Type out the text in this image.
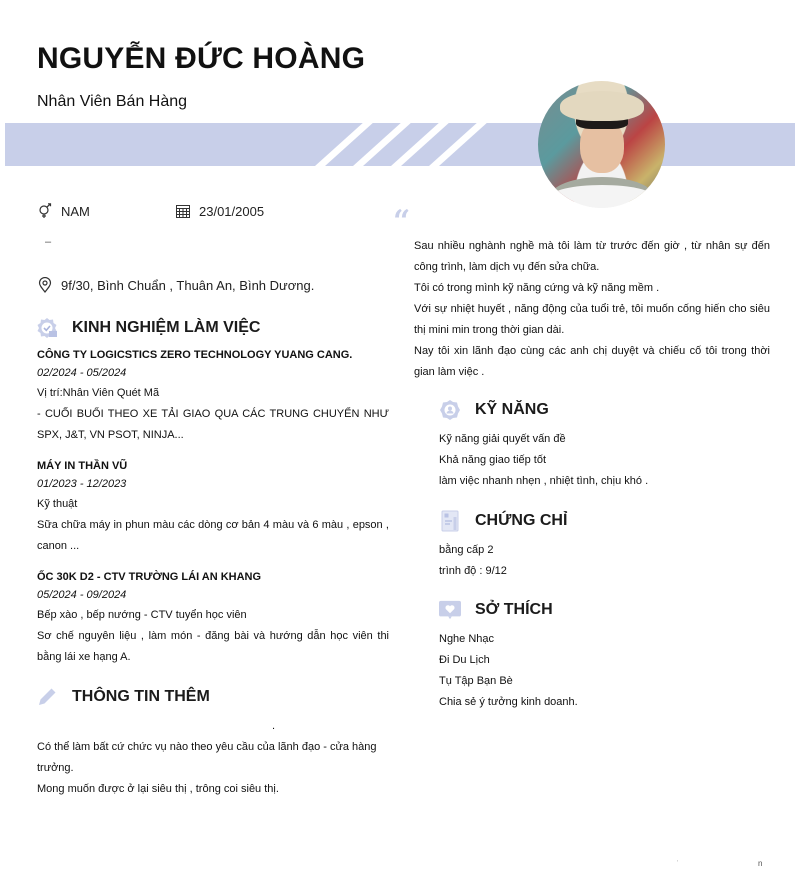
NGUYỄN ĐỨC HOÀNG
Nhân Viên Bán Hàng
NAM	23/01/2005
–
9f/30, Bình Chuẩn , Thuân An, Bình Dương.
KINH NGHIỆM LÀM VIỆC
CÔNG TY LOGICSTICS ZERO TECHNOLOGY YUANG CANG.
02/2024 - 05/2024
Vị trí:Nhân Viên Quét Mã
- CUỐI BUỔI THEO XE TẢI GIAO QUA CÁC TRUNG CHUYỂN NHƯ SPX, J&T, VN PSOT, NINJA...
MÁY IN THẦN VŨ
01/2023 - 12/2023
Kỹ thuật
Sữa chữa máy in phun màu các dòng cơ bản 4 màu và 6 màu , epson , canon ...
ỐC 30K D2 - CTV TRƯỜNG LÁI AN KHANG
05/2024 - 09/2024
Bếp xào , bếp nướng - CTV tuyển học viên
Sơ chế nguyên liệu , làm món - đăng bài và hướng dẫn học viên thi bằng lái xe hạng A.
THÔNG TIN THÊM
.
Có thể làm bất cứ chức vụ nào theo yêu cầu của lãnh đạo - cửa hàng trưởng.
Mong muốn được ở lại siêu thị , trông coi siêu thị.
“
Sau nhiều nghành nghề mà tôi làm từ trước đến giờ , từ nhân sự đến công trình, làm dịch vụ đến sửa chữa.
Tôi có trong mình kỹ năng cứng và kỹ năng mềm .
Với sự nhiệt huyết , năng động của tuổi trẻ, tôi muốn cống hiến cho siêu thị mini min trong thời gian dài.
Nay tôi xin lãnh đạo cùng các anh chị duyệt và chiếu cố tôi trong thời gian làm việc .
KỸ NĂNG
Kỹ năng giải quyết vấn đề
Khả năng giao tiếp tốt
làm việc nhanh nhẹn , nhiệt tình, chịu khó .
CHỨNG CHỈ
bằng cấp 2
trình độ : 9/12
SỞ THÍCH
Nghe Nhạc
Đi Du Lịch
Tụ Tập Bạn Bè
Chia sẻ ý tưởng kinh doanh.
ˈ	n
